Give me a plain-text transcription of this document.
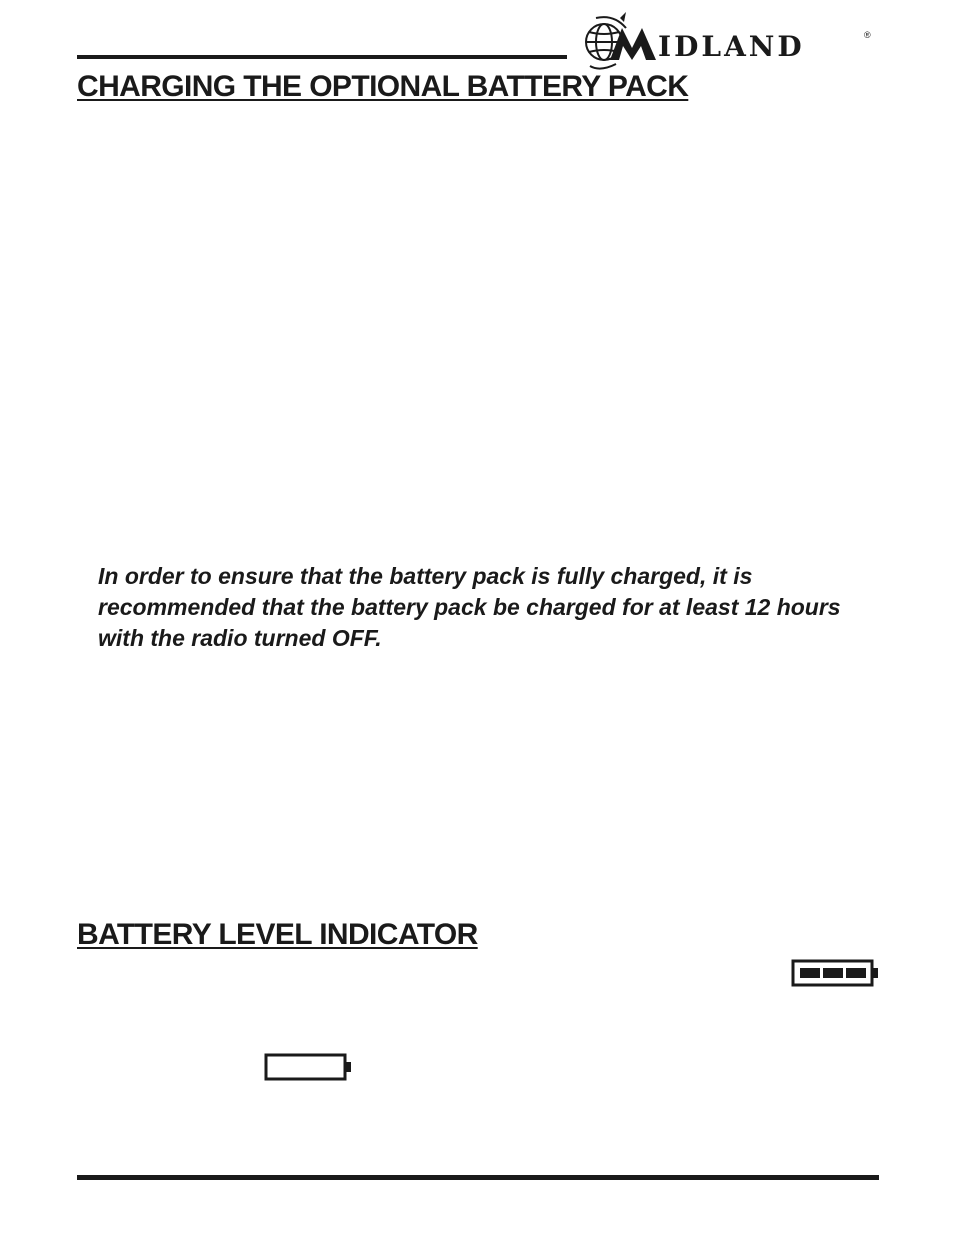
IDLAND	®
CHARGING THE OPTIONAL BATTERY PACK

In order to ensure that the battery pack is fully charged, it is recommended that the battery pack be charged for at least 12 hours with the radio turned OFF.

BATTERY LEVEL INDICATOR
